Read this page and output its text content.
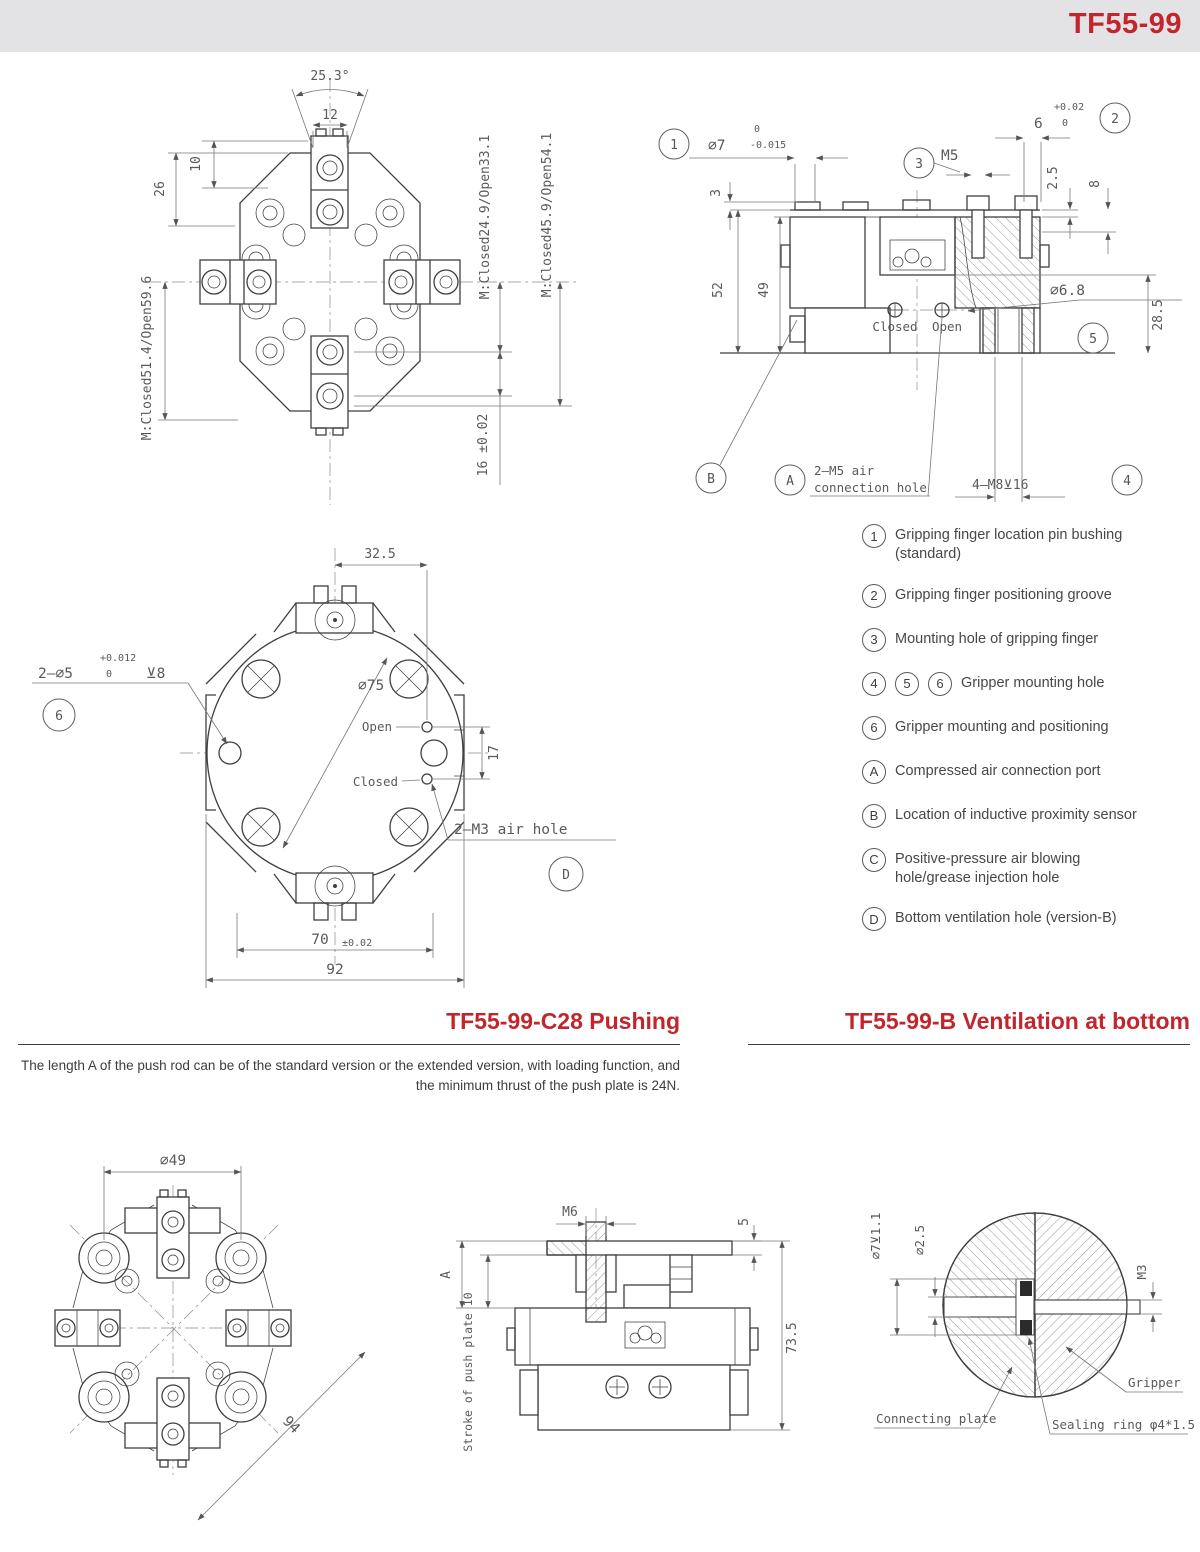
TF55-99
25.3°
12
10
26	M:Closed24.9/Open33.1	M:Closed45.9/Open54.1
M:Closed51.4/Open59.6
16 ±0.02
1 ∅7
0
-0.015
2
6
+0.02
0
3
M5
2.5 8
3
52 49	∅6.8
5
28.5
Closed Open
B	A
2—M5 air
connection hole	4—M8⊻16	4
32.5
2—∅5
+0.012
0 ⊻8
6
∅75
Open
Closed
17
2—M3 air hole
D
70 ±0.02
92
1	Gripping finger location pin bushing (standard)
2	Gripping finger positioning groove
3	Mounting hole of gripping finger
4	5	6	Gripper mounting hole
6	Gripper mounting and positioning
A	Compressed air connection port
B	Location of inductive proximity sensor
C	Positive-pressure air blowing hole/grease injection hole
D	Bottom ventilation hole (version-B)
TF55-99-C28 Pushing
The length A of the push rod can be of the standard version or the extended version, with loading function, and the minimum thrust of the push plate is 24N.
TF55-99-B Ventilation at bottom
∅49
94
M6
5
A
Stroke of push plate 10	73.5
∅7⊻1.1 ∅2.5
M3
Gripper
Connecting plate	Sealing ring φ4*1.5
